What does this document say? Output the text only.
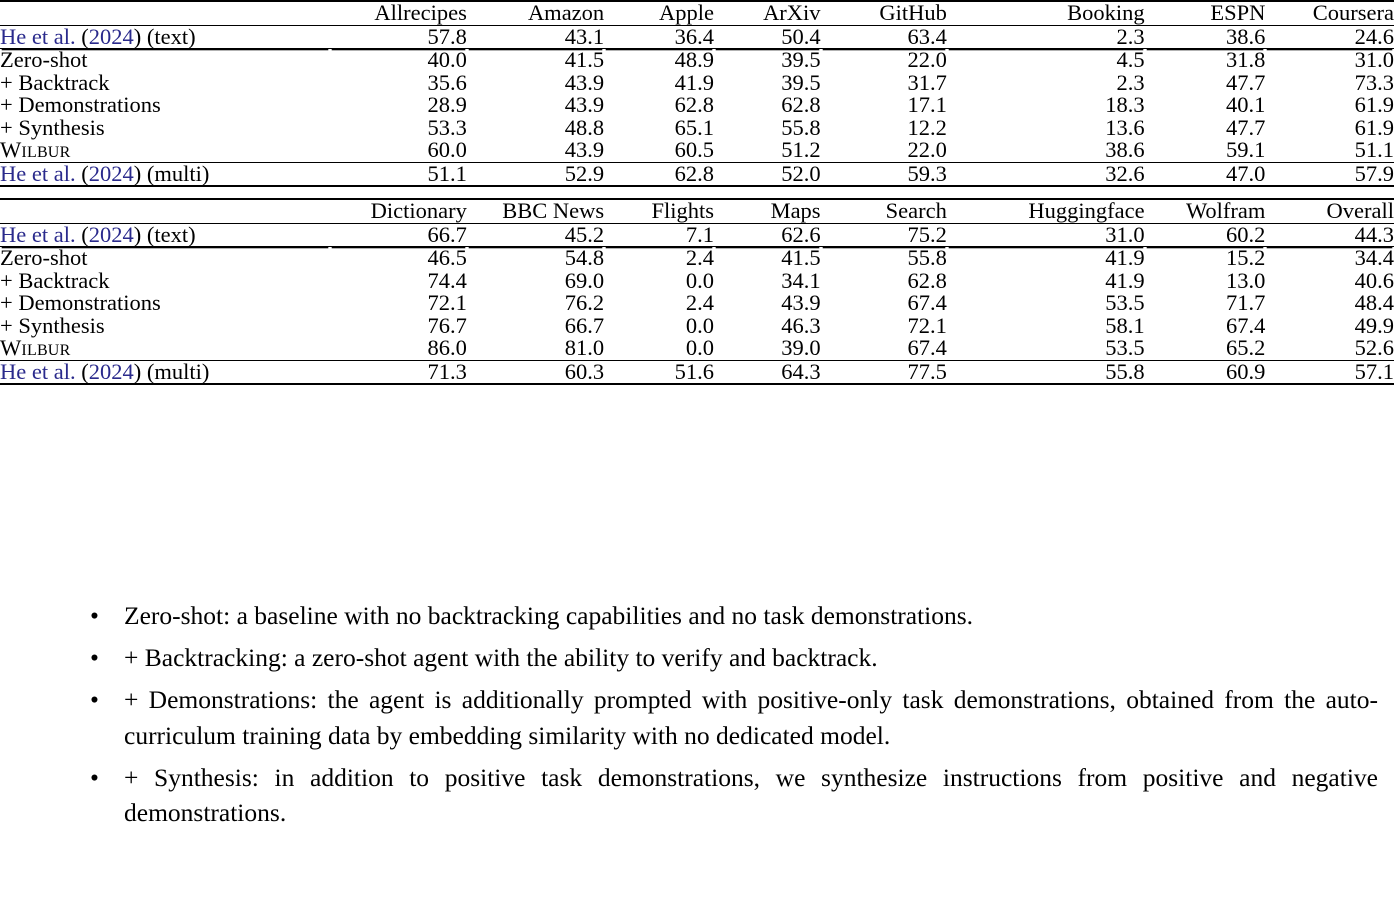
	Allrecipes	Amazon	Apple	ArXiv	GitHub	Booking	ESPN	Coursera
He et al. (2024) (text)	57.8	43.1	36.4	50.4	63.4	2.3	38.6	24.6
Zero-shot	40.0	41.5	48.9	39.5	22.0	4.5	31.8	31.0
+ Backtrack	35.6	43.9	41.9	39.5	31.7	2.3	47.7	73.3
+ Demonstrations	28.9	43.9	62.8	62.8	17.1	18.3	40.1	61.9
+ Synthesis	53.3	48.8	65.1	55.8	12.2	13.6	47.7	61.9
Wilbur	60.0	43.9	60.5	51.2	22.0	38.6	59.1	51.1
He et al. (2024) (multi)	51.1	52.9	62.8	52.0	59.3	32.6	47.0	57.9

	Dictionary	BBC News	Flights	Maps	Search	Huggingface	Wolfram	Overall
He et al. (2024) (text)	66.7	45.2	7.1	62.6	75.2	31.0	60.2	44.3
Zero-shot	46.5	54.8	2.4	41.5	55.8	41.9	15.2	34.4
+ Backtrack	74.4	69.0	0.0	34.1	62.8	41.9	13.0	40.6
+ Demonstrations	72.1	76.2	2.4	43.9	67.4	53.5	71.7	48.4
+ Synthesis	76.7	66.7	0.0	46.3	72.1	58.1	67.4	49.9
Wilbur	86.0	81.0	0.0	39.0	67.4	53.5	65.2	52.6
He et al. (2024) (multi)	71.3	60.3	51.6	64.3	77.5	55.8	60.9	57.1

• Zero-shot: a baseline with no backtracking capabilities and no task demonstrations.
• + Backtracking: a zero-shot agent with the ability to verify and backtrack.
• + Demonstrations: the agent is additionally prompted with positive-only task demonstrations, obtained from the auto-curriculum training data by embedding similarity with no dedicated model.
• + Synthesis: in addition to positive task demonstrations, we synthesize instructions from positive and negative demonstrations.
